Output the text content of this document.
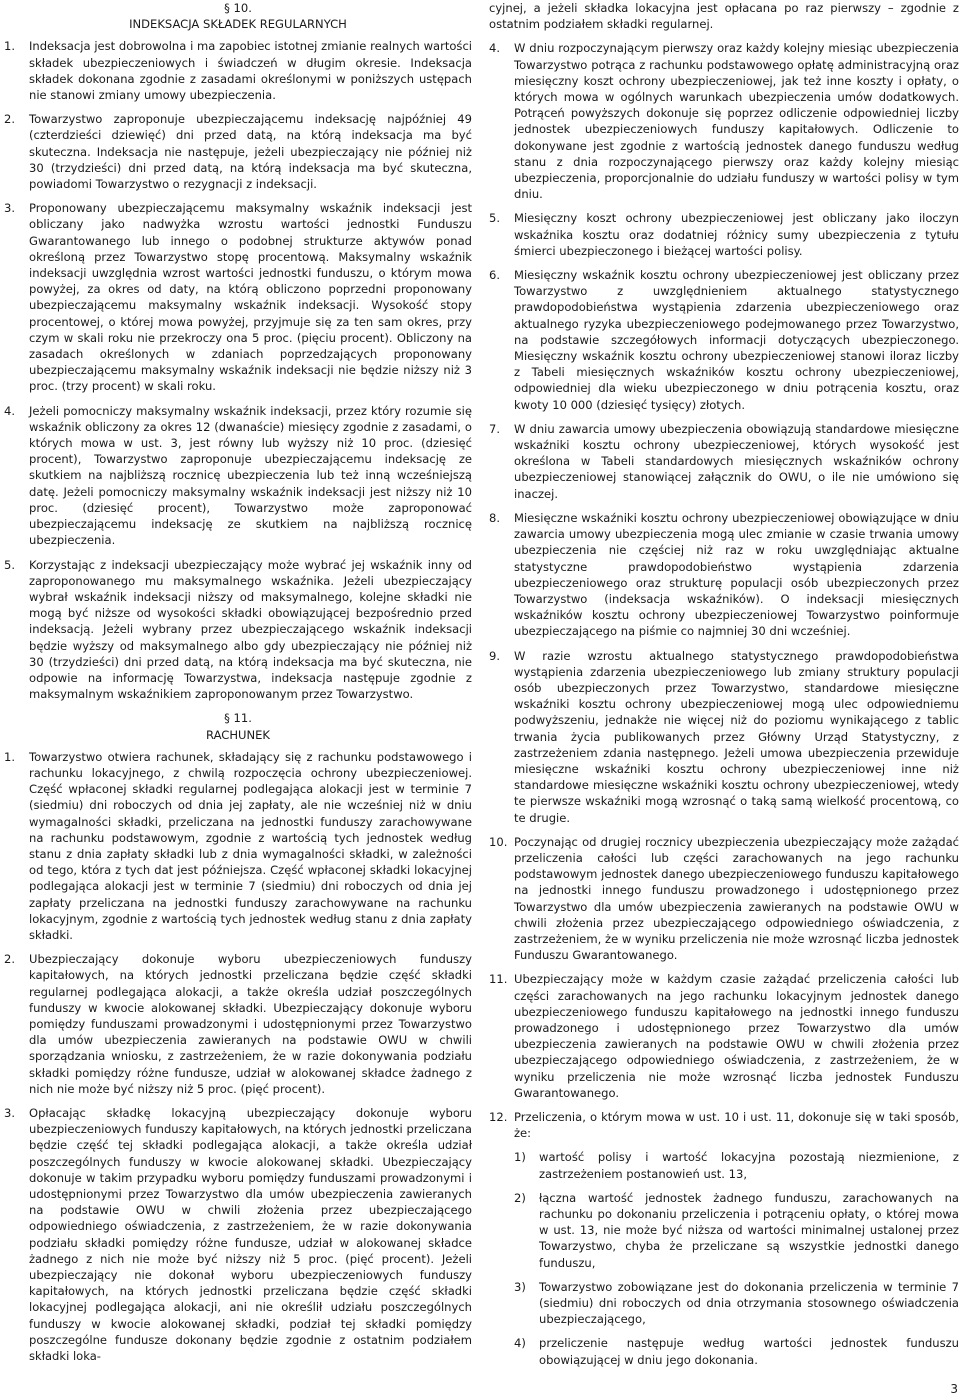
§ 10.
INDEKSACJA SKŁADEK REGULARNYCH
1. Indeksacja jest dobrowolna i ma zapobiec istotnej zmianie realnych wartości składek ubezpieczeniowych i świadczeń w długim okresie. Indeksacja składek dokonana zgodnie z zasadami określonymi w poniższych ustępach nie stanowi zmiany umowy ubezpieczenia.

2. Towarzystwo zaproponuje ubezpieczającemu indeksację najpóźniej 49 (czterdzieści dziewięć) dni przed datą, na którą indeksacja ma być skuteczna. Indeksacja nie następuje, jeżeli ubezpieczający nie później niż 30 (trzydzieści) dni przed datą, na którą indeksacja ma być skuteczna, powiadomi Towarzystwo o rezygnacji z indeksacji.

3. Proponowany ubezpieczającemu maksymalny wskaźnik indeksacji jest obliczany jako nadwyżka wzrostu wartości jednostki Funduszu Gwarantowanego lub innego o podobnej strukturze aktywów ponad określoną przez Towarzystwo stopę procentową. Maksymalny wskaźnik indeksacji uwzględnia wzrost wartości jednostki funduszu, o którym mowa powyżej, za okres od daty, na którą obliczono poprzedni proponowany ubezpieczającemu maksymalny wskaźnik indeksacji. Wysokość stopy procentowej, o której mowa powyżej, przyjmuje się za ten sam okres, przy czym w skali roku nie przekroczy ona 5 proc. (pięciu procent). Obliczony na zasadach określonych w zdaniach poprzedzających proponowany ubezpieczającemu maksymalny wskaźnik indeksacji nie będzie niższy niż 3 proc. (trzy procent) w skali roku.

4. Jeżeli pomocniczy maksymalny wskaźnik indeksacji, przez który rozumie się wskaźnik obliczony za okres 12 (dwanaście) miesięcy zgodnie z zasadami, o których mowa w ust. 3, jest równy lub wyższy niż 10 proc. (dziesięć procent), Towarzystwo zaproponuje ubezpieczającemu indeksację ze skutkiem na najbliższą rocznicę ubezpieczenia lub też inną wcześniejszą datę. Jeżeli pomocniczy maksymalny wskaźnik indeksacji jest niższy niż 10 proc. (dziesięć procent), Towarzystwo może zaproponować ubezpieczającemu indeksację ze skutkiem na najbliższą rocznicę ubezpieczenia.

5. Korzystając z indeksacji ubezpieczający może wybrać jej wskaźnik inny od zaproponowanego mu maksymalnego wskaźnika. Jeżeli ubezpieczający wybrał wskaźnik indeksacji niższy od maksymalnego, kolejne składki nie mogą być niższe od wysokości składki obowiązującej bezpośrednio przed indeksacją. Jeżeli wybrany przez ubezpieczającego wskaźnik indeksacji będzie wyższy od maksymalnego albo gdy ubezpieczający nie później niż 30 (trzydzieści) dni przed datą, na którą indeksacja ma być skuteczna, nie odpowie na informację Towarzystwa, indeksacja następuje zgodnie z maksymalnym wskaźnikiem zaproponowanym przez Towarzystwo.

§ 11.
RACHUNEK
1. Towarzystwo otwiera rachunek, składający się z rachunku podstawowego i rachunku lokacyjnego, z chwilą rozpoczęcia ochrony ubezpieczeniowej. Część wpłaconej składki regularnej podlegająca alokacji jest w terminie 7 (siedmiu) dni roboczych od dnia jej zapłaty, ale nie wcześniej niż w dniu wymagalności składki, przeliczana na jednostki funduszy zarachowywane na rachunku podstawowym, zgodnie z wartością tych jednostek według stanu z dnia zapłaty składki lub z dnia wymagalności składki, w zależności od tego, która z tych dat jest późniejsza. Część wpłaconej składki lokacyjnej podlegająca alokacji jest w terminie 7 (siedmiu) dni roboczych od dnia jej zapłaty przeliczana na jednostki funduszy zarachowywane na rachunku lokacyjnym, zgodnie z wartością tych jednostek według stanu z dnia zapłaty składki.

2. Ubezpieczający dokonuje wyboru ubezpieczeniowych funduszy kapitałowych, na których jednostki przeliczana będzie część składki regularnej podlegająca alokacji, a także określa udział poszczególnych funduszy w kwocie alokowanej składki. Ubezpieczający dokonuje wyboru pomiędzy funduszami prowadzonymi i udostępnionymi przez Towarzystwo dla umów ubezpieczenia zawieranych na podstawie OWU w chwili sporządzania wniosku, z zastrzeżeniem, że w razie dokonywania podziału składki pomiędzy różne fundusze, udział w alokowanej składce żadnego z nich nie może być niższy niż 5 proc. (pięć procent).

3. Opłacając składkę lokacyjną ubezpieczający dokonuje wyboru ubezpieczeniowych funduszy kapitałowych, na których jednostki przeliczana będzie część tej składki podlegająca alokacji, a także określa udział poszczególnych funduszy w kwocie alokowanej składki. Ubezpieczający dokonuje w takim przypadku wyboru pomiędzy funduszami prowadzonymi i udostępnionymi przez Towarzystwo dla umów ubezpieczenia zawieranych na podstawie OWU w chwili złożenia przez ubezpieczającego odpowiedniego oświadczenia, z zastrzeżeniem, że w razie dokonywania podziału składki pomiędzy różne fundusze, udział w alokowanej składce żadnego z nich nie może być niższy niż 5 proc. (pięć procent). Jeżeli ubezpieczający nie dokonał wyboru ubezpieczeniowych funduszy kapitałowych, na których jednostki przeliczana będzie część składki lokacyjnej podlegająca alokacji, ani nie określił udziału poszczególnych funduszy w kwocie alokowanej składki, podział tej składki pomiędzy poszczególne fundusze dokonany będzie zgodnie z ostatnim podziałem składki loka-

cyjnej, a jeżeli składka lokacyjna jest opłacana po raz pierwszy – zgodnie z ostatnim podziałem składki regularnej.

4. W dniu rozpoczynającym pierwszy oraz każdy kolejny miesiąc ubezpieczenia Towarzystwo potrąca z rachunku podstawowego opłatę administracyjną oraz miesięczny koszt ochrony ubezpieczeniowej, jak też inne koszty i opłaty, o których mowa w ogólnych warunkach ubezpieczenia umów dodatkowych. Potrąceń powyższych dokonuje się poprzez odliczenie odpowiedniej liczby jednostek ubezpieczeniowych funduszy kapitałowych. Odliczenie to dokonywane jest zgodnie z wartością jednostek danego funduszu według stanu z dnia rozpoczynającego pierwszy oraz każdy kolejny miesiąc ubezpieczenia, proporcjonalnie do udziału funduszy w wartości polisy w tym dniu.

5. Miesięczny koszt ochrony ubezpieczeniowej jest obliczany jako iloczyn wskaźnika kosztu oraz dodatniej różnicy sumy ubezpieczenia z tytułu śmierci ubezpieczonego i bieżącej wartości polisy.

6. Miesięczny wskaźnik kosztu ochrony ubezpieczeniowej jest obliczany przez Towarzystwo z uwzględnieniem aktualnego statystycznego prawdopodobieństwa wystąpienia zdarzenia ubezpieczeniowego oraz aktualnego ryzyka ubezpieczeniowego podejmowanego przez Towarzystwo, na podstawie szczegółowych informacji dotyczących ubezpieczonego. Miesięczny wskaźnik kosztu ochrony ubezpieczeniowej stanowi iloraz liczby z Tabeli miesięcznych wskaźników kosztu ochrony ubezpieczeniowej, odpowiedniej dla wieku ubezpieczonego w dniu potrącenia kosztu, oraz kwoty 10 000 (dziesięć tysięcy) złotych.

7. W dniu zawarcia umowy ubezpieczenia obowiązują standardowe miesięczne wskaźniki kosztu ochrony ubezpieczeniowej, których wysokość jest określona w Tabeli standardowych miesięcznych wskaźników ochrony ubezpieczeniowej stanowiącej załącznik do OWU, o ile nie umówiono się inaczej.

8. Miesięczne wskaźniki kosztu ochrony ubezpieczeniowej obowiązujące w dniu zawarcia umowy ubezpieczenia mogą ulec zmianie w czasie trwania umowy ubezpieczenia nie częściej niż raz w roku uwzględniając aktualne statystyczne prawdopodobieństwo wystąpienia zdarzenia ubezpieczeniowego oraz strukturę populacji osób ubezpieczonych przez Towarzystwo (indeksacja wskaźników). O indeksacji miesięcznych wskaźników kosztu ochrony ubezpieczeniowej Towarzystwo poinformuje ubezpieczającego na piśmie co najmniej 30 dni wcześniej.

9. W razie wzrostu aktualnego statystycznego prawdopodobieństwa wystąpienia zdarzenia ubezpieczeniowego lub zmiany struktury populacji osób ubezpieczonych przez Towarzystwo, standardowe miesięczne wskaźniki kosztu ochrony ubezpieczeniowej mogą ulec odpowiedniemu podwyższeniu, jednakże nie więcej niż do poziomu wynikającego z tablic trwania życia publikowanych przez Główny Urząd Statystyczny, z zastrzeżeniem zdania następnego. Jeżeli umowa ubezpieczenia przewiduje miesięczne wskaźniki kosztu ochrony ubezpieczeniowej inne niż standardowe miesięczne wskaźniki kosztu ochrony ubezpieczeniowej, wtedy te pierwsze wskaźniki mogą wzrosnąć o taką samą wielkość procentową, co te drugie.

10. Poczynając od drugiej rocznicy ubezpieczenia ubezpieczający może zażądać przeliczenia całości lub części zarachowanych na jego rachunku podstawowym jednostek danego ubezpieczeniowego funduszu kapitałowego na jednostki innego funduszu prowadzonego i udostępnionego przez Towarzystwo dla umów ubezpieczenia zawieranych na podstawie OWU w chwili złożenia przez ubezpieczającego odpowiedniego oświadczenia, z zastrzeżeniem, że w wyniku przeliczenia nie może wzrosnąć liczba jednostek Funduszu Gwarantowanego.

11. Ubezpieczający może w każdym czasie zażądać przeliczenia całości lub części zarachowanych na jego rachunku lokacyjnym jednostek danego ubezpieczeniowego funduszu kapitałowego na jednostki innego funduszu prowadzonego i udostępnionego przez Towarzystwo dla umów ubezpieczenia zawieranych na podstawie OWU w chwili złożenia przez ubezpieczającego odpowiedniego oświadczenia, z zastrzeżeniem, że w wyniku przeliczenia nie może wzrosnąć liczba jednostek Funduszu Gwarantowanego.

12. Przeliczenia, o którym mowa w ust. 10 i ust. 11, dokonuje się w taki sposób, że:

1) wartość polisy i wartość lokacyjna pozostają niezmienione, z zastrzeżeniem postanowień ust. 13,

2) łączna wartość jednostek żadnego funduszu, zarachowanych na rachunku po dokonaniu przeliczenia i potrąceniu opłaty, o której mowa w ust. 13, nie może być niższa od wartości minimalnej ustalonej przez Towarzystwo, chyba że przeliczane są wszystkie jednostki danego funduszu,

3) Towarzystwo zobowiązane jest do dokonania przeliczenia w terminie 7 (siedmiu) dni roboczych od dnia otrzymania stosownego oświadczenia ubezpieczającego,

4) przeliczenie następuje według wartości jednostek funduszu obowiązującej w dniu jego dokonania.

3
